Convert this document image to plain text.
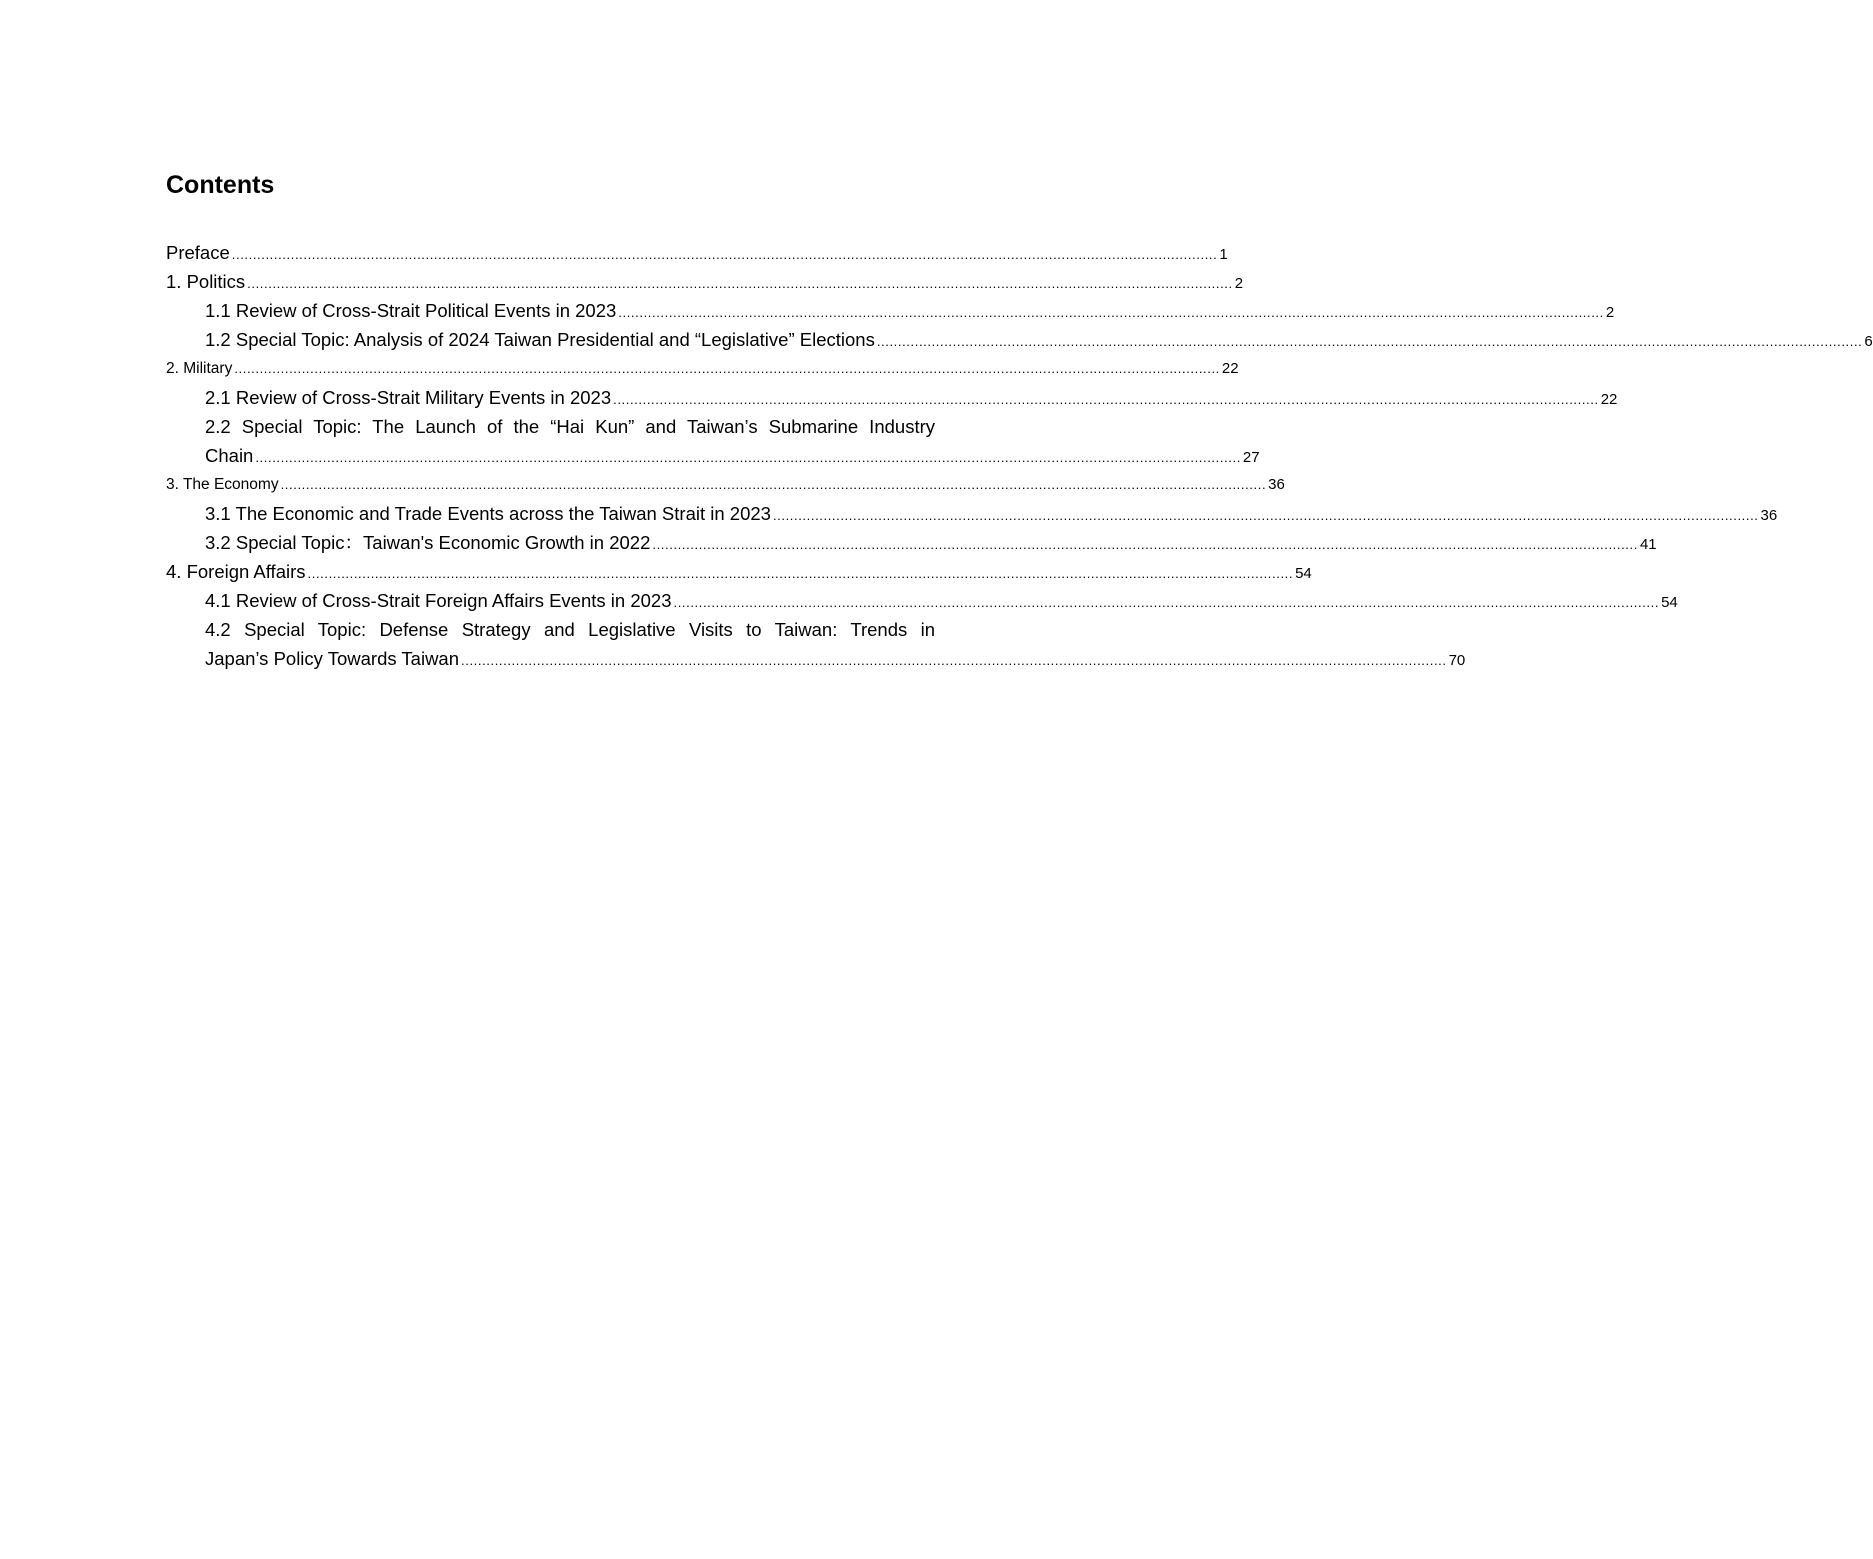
Contents
Preface .......................................................................................................................................................................................................................................... 1
1. Politics .......................................................................................................................................................................................................................................... 2
1.1 Review of Cross-Strait Political Events in 2023 .......................................................................................................................................................................................................................................... 2
1.2 Special Topic: Analysis of 2024 Taiwan Presidential and “Legislative” Elections .......................................................................................................................................................................................................................................... 6
2. Military .......................................................................................................................................................................................................................................... 22
2.1 Review of Cross-Strait Military Events in 2023 .......................................................................................................................................................................................................................................... 22
2.2 Special Topic: The Launch of the “Hai Kun” and Taiwan’s Submarine Industry
Chain .......................................................................................................................................................................................................................................... 27
3. The Economy .......................................................................................................................................................................................................................................... 36
3.1 The Economic and Trade Events across the Taiwan Strait in 2023 .......................................................................................................................................................................................................................................... 36
3.2 Special Topic：Taiwan's Economic Growth in 2022 .......................................................................................................................................................................................................................................... 41
4. Foreign Affairs .......................................................................................................................................................................................................................................... 54
4.1 Review of Cross-Strait Foreign Affairs Events in 2023 .......................................................................................................................................................................................................................................... 54
4.2 Special Topic: Defense Strategy and Legislative Visits to Taiwan: Trends in
Japan’s Policy Towards Taiwan .......................................................................................................................................................................................................................................... 70
